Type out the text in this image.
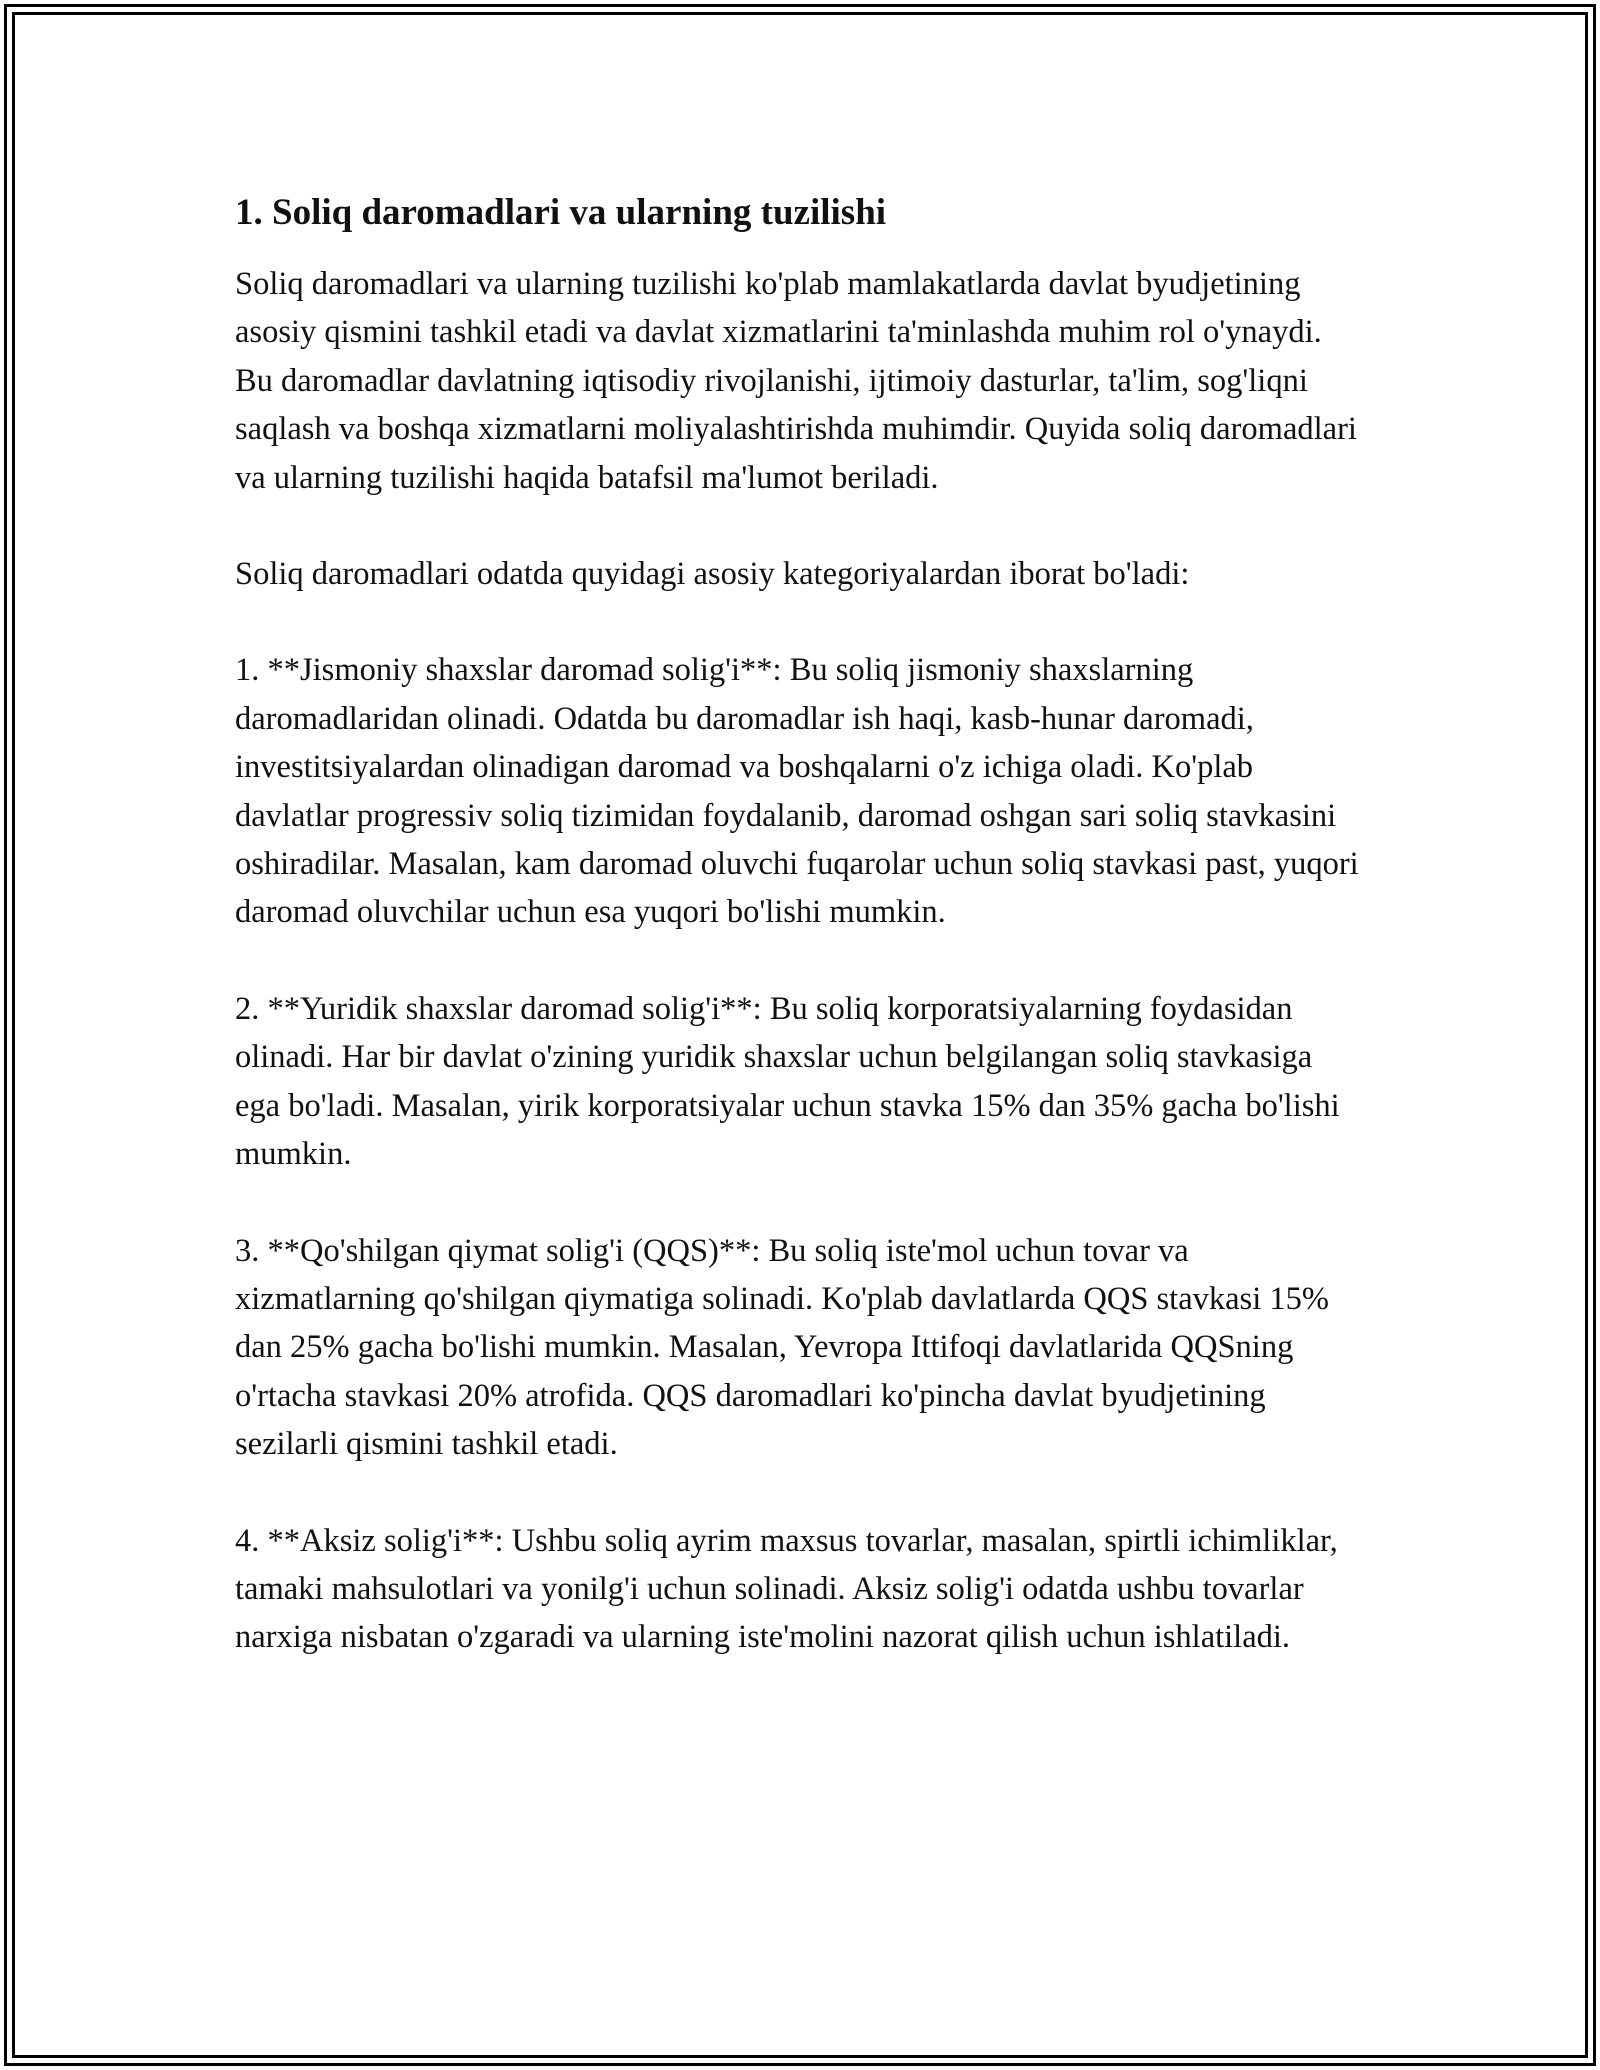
1. Soliq daromadlari va ularning tuzilishi

Soliq daromadlari va ularning tuzilishi ko'plab mamlakatlarda davlat byudjetining asosiy qismini tashkil etadi va davlat xizmatlarini ta'minlashda muhim rol o'ynaydi. Bu daromadlar davlatning iqtisodiy rivojlanishi, ijtimoiy dasturlar, ta'lim, sog'liqni saqlash va boshqa xizmatlarni moliyalashtirishda muhimdir. Quyida soliq daromadlari va ularning tuzilishi haqida batafsil ma'lumot beriladi.

Soliq daromadlari odatda quyidagi asosiy kategoriyalardan iborat bo'ladi:

1. **Jismoniy shaxslar daromad solig'i**: Bu soliq jismoniy shaxslarning daromadlaridan olinadi. Odatda bu daromadlar ish haqi, kasb-hunar daromadi, investitsiyalardan olinadigan daromad va boshqalarni o'z ichiga oladi. Ko'plab davlatlar progressiv soliq tizimidan foydalanib, daromad oshgan sari soliq stavkasini oshiradilar. Masalan, kam daromad oluvchi fuqarolar uchun soliq stavkasi past, yuqori daromad oluvchilar uchun esa yuqori bo'lishi mumkin.

2. **Yuridik shaxslar daromad solig'i**: Bu soliq korporatsiyalarning foydasidan olinadi. Har bir davlat o'zining yuridik shaxslar uchun belgilangan soliq stavkasiga ega bo'ladi. Masalan, yirik korporatsiyalar uchun stavka 15% dan 35% gacha bo'lishi mumkin.

3. **Qo'shilgan qiymat solig'i (QQS)**: Bu soliq iste'mol uchun tovar va xizmatlarning qo'shilgan qiymatiga solinadi. Ko'plab davlatlarda QQS stavkasi 15% dan 25% gacha bo'lishi mumkin. Masalan, Yevropa Ittifoqi davlatlarida QQSning o'rtacha stavkasi 20% atrofida. QQS daromadlari ko'pincha davlat byudjetining sezilarli qismini tashkil etadi.

4. **Aksiz solig'i**: Ushbu soliq ayrim maxsus tovarlar, masalan, spirtli ichimliklar, tamaki mahsulotlari va yonilg'i uchun solinadi. Aksiz solig'i odatda ushbu tovarlar narxiga nisbatan o'zgaradi va ularning iste'molini nazorat qilish uchun ishlatiladi.
